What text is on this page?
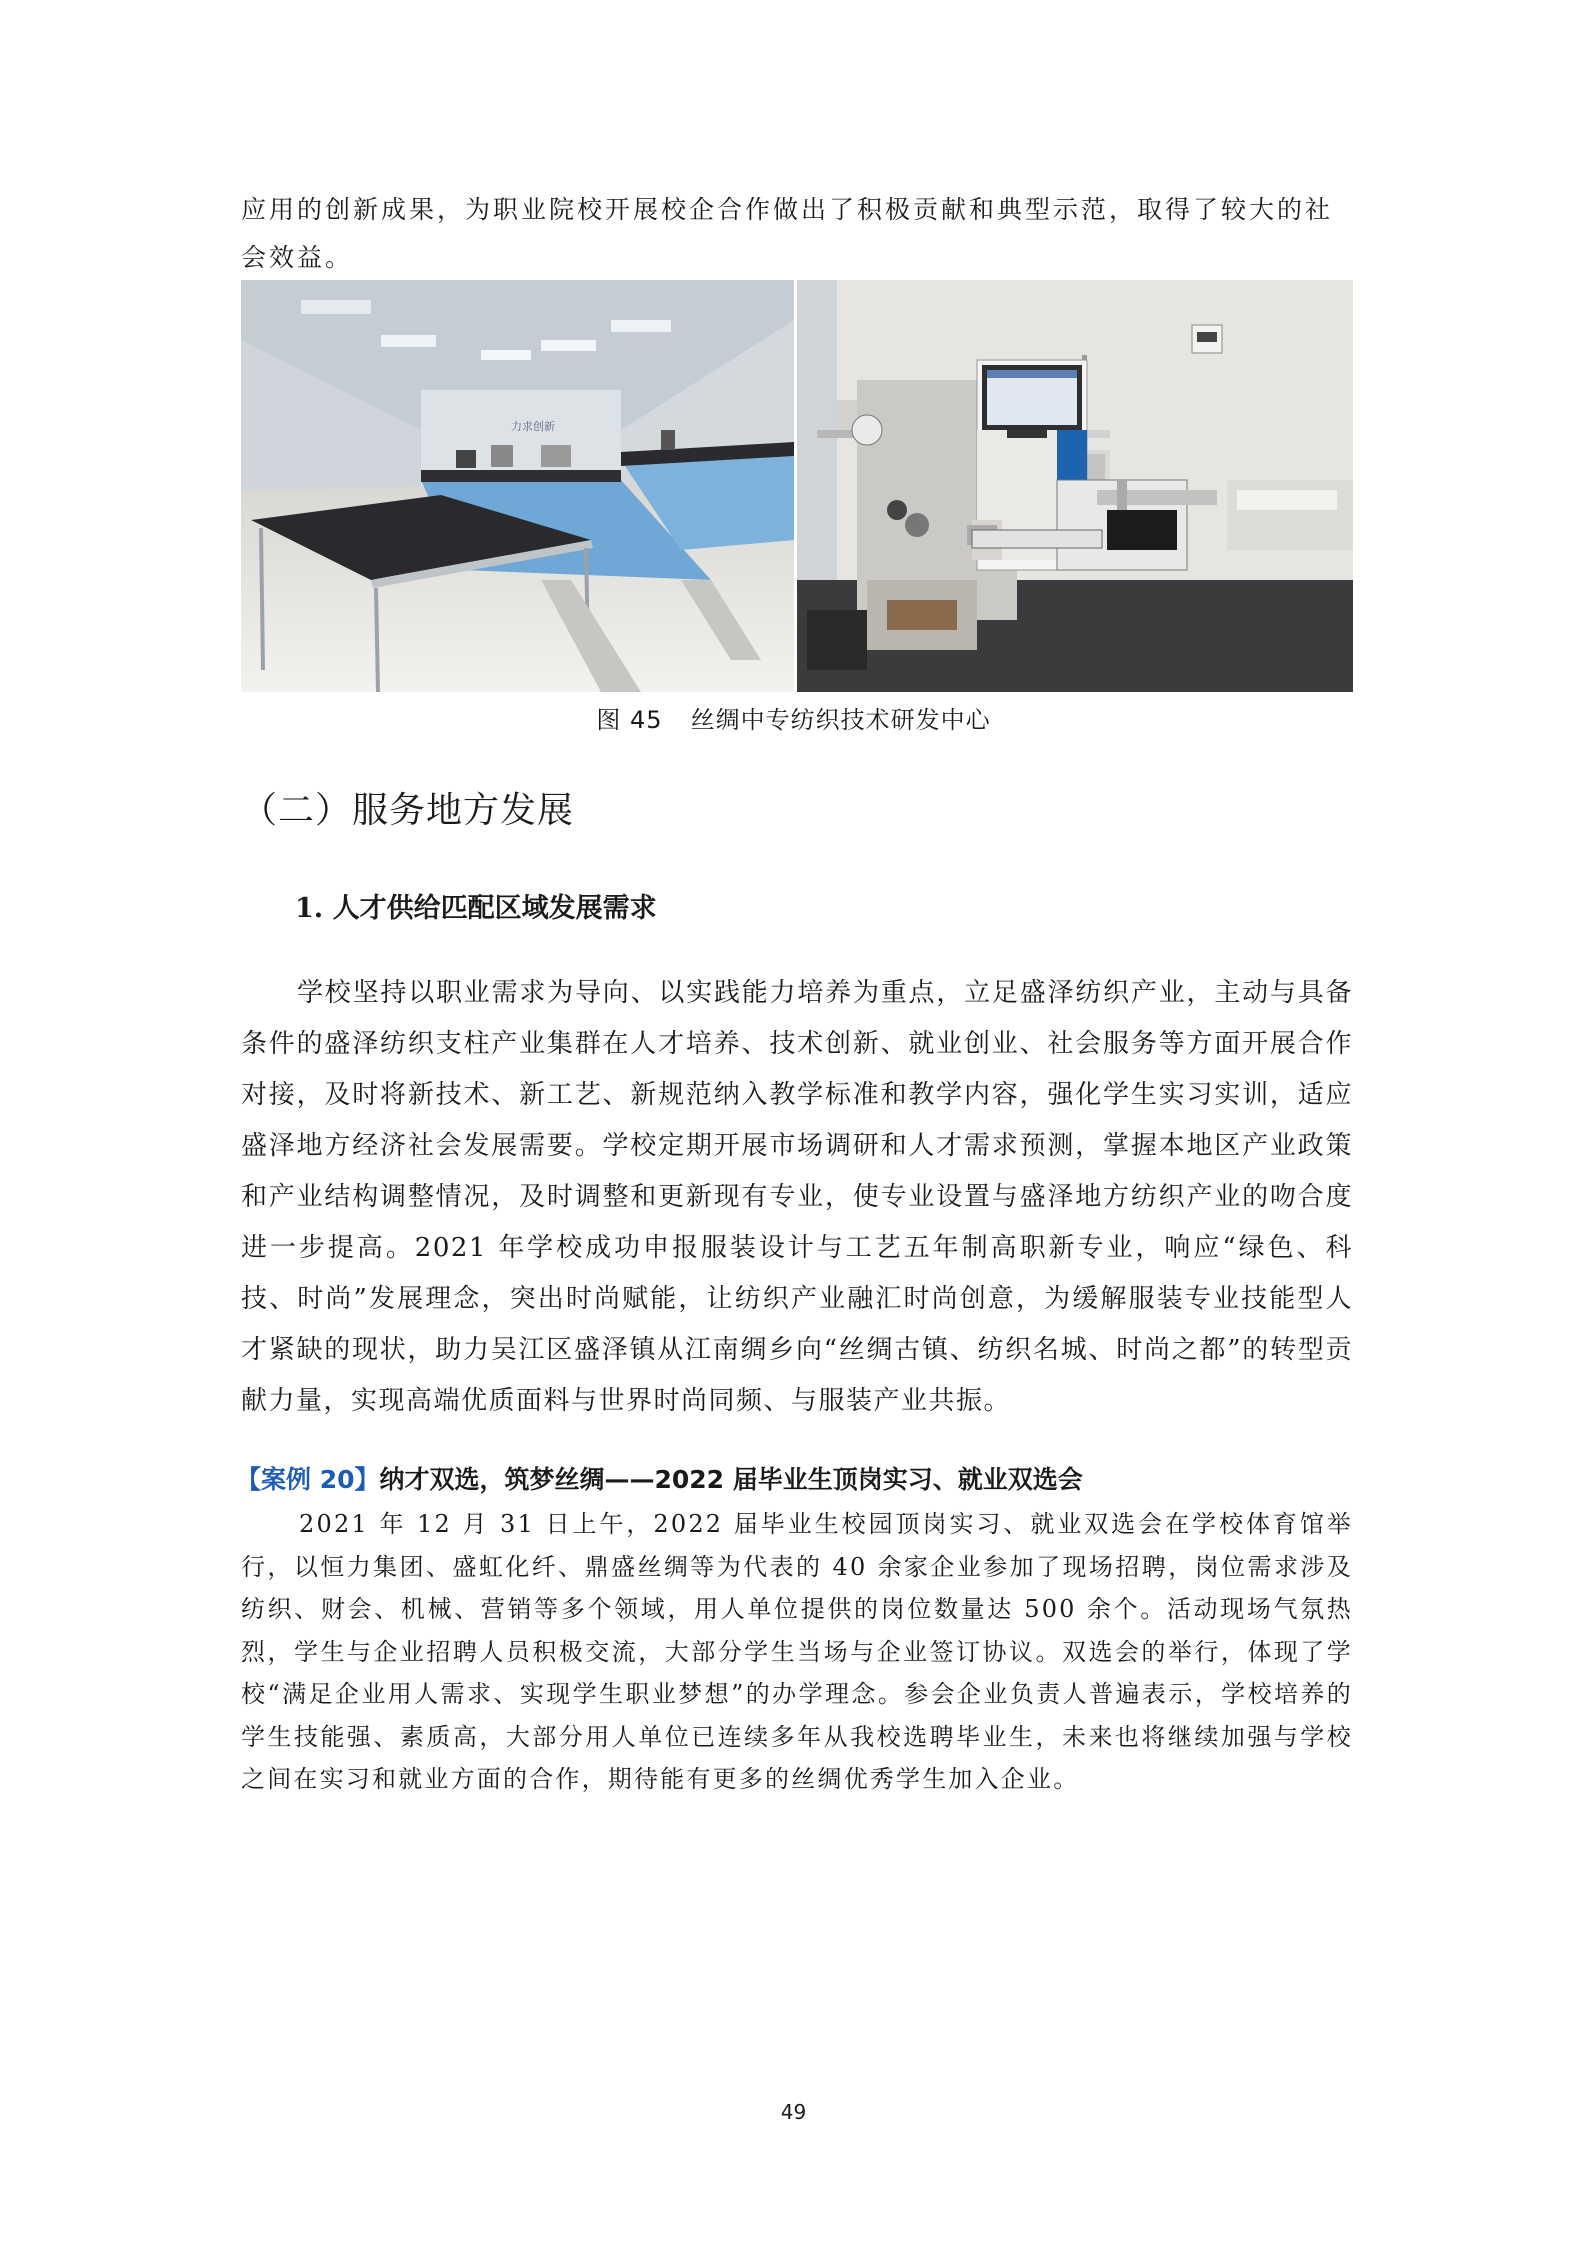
应用的创新成果，为职业院校开展校企合作做出了积极贡献和典型示范，取得了较大的社会效益。

力求创新
图 45 丝绸中专纺织技术研发中心
（二）服务地方发展
1. 人才供给匹配区域发展需求

学校坚持以职业需求为导向、以实践能力培养为重点，立足盛泽纺织产业，主动与具备条件的盛泽纺织支柱产业集群在人才培养、技术创新、就业创业、社会服务等方面开展合作对接，及时将新技术、新工艺、新规范纳入教学标准和教学内容，强化学生实习实训，适应盛泽地方经济社会发展需要。学校定期开展市场调研和人才需求预测，掌握本地区产业政策和产业结构调整情况，及时调整和更新现有专业，使专业设置与盛泽地方纺织产业的吻合度进一步提高。2021 年学校成功申报服装设计与工艺五年制高职新专业，响应“绿色、科技、时尚”发展理念，突出时尚赋能，让纺织产业融汇时尚创意，为缓解服装专业技能型人才紧缺的现状，助力吴江区盛泽镇从江南绸乡向“丝绸古镇、纺织名城、时尚之都”的转型贡献力量，实现高端优质面料与世界时尚同频、与服装产业共振。

【案例 20】纳才双选，筑梦丝绸——2022 届毕业生顶岗实习、就业双选会

2021 年 12 月 31 日上午，2022 届毕业生校园顶岗实习、就业双选会在学校体育馆举行，以恒力集团、盛虹化纤、鼎盛丝绸等为代表的 40 余家企业参加了现场招聘，岗位需求涉及纺织、财会、机械、营销等多个领域，用人单位提供的岗位数量达 500 余个。活动现场气氛热烈，学生与企业招聘人员积极交流，大部分学生当场与企业签订协议。双选会的举行，体现了学校“满足企业用人需求、实现学生职业梦想”的办学理念。参会企业负责人普遍表示，学校培养的学生技能强、素质高，大部分用人单位已连续多年从我校选聘毕业生，未来也将继续加强与学校之间在实习和就业方面的合作，期待能有更多的丝绸优秀学生加入企业。

49
